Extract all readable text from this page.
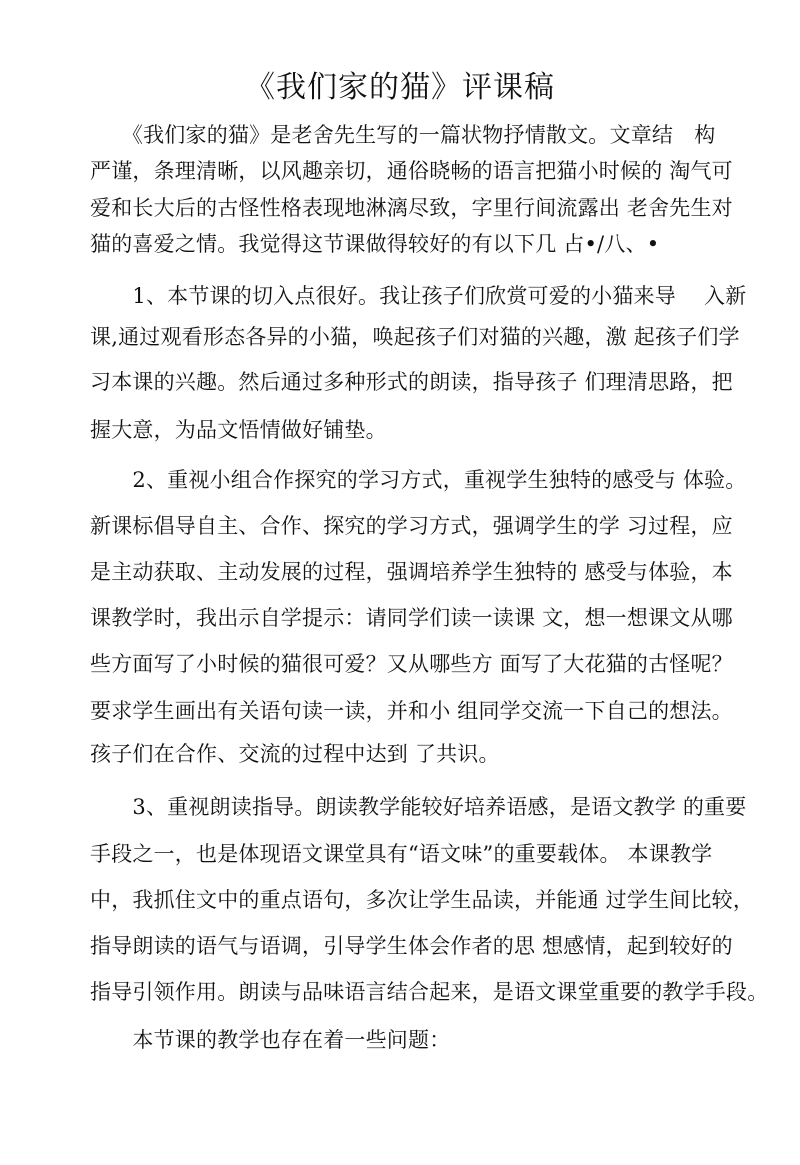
《我们家的猫》评课稿
　　《我们家的猫》是老舍先生写的一篇状物抒情散文。文章结　构
严谨，条理清晰，以风趣亲切，通俗晓畅的语言把猫小时候的 淘气可
爱和长大后的古怪性格表现地淋漓尽致，字里行间流露出 老舍先生对
猫的喜爱之情。我觉得这节课做得较好的有以下几 占•/八、•
　　1、本节课的切入点很好。我让孩子们欣赏可爱的小猫来导　 入新
课,通过观看形态各异的小猫，唤起孩子们对猫的兴趣，激 起孩子们学
习本课的兴趣。然后通过多种形式的朗读，指导孩子 们理清思路，把
握大意，为品文悟情做好铺垫。
　　2、重视小组合作探究的学习方式，重视学生独特的感受与 体验。
新课标倡导自主、合作、探究的学习方式，强调学生的学 习过程，应
是主动获取、主动发展的过程，强调培养学生独特的 感受与体验，本
课教学时，我出示自学提示：请同学们读一读课 文，想一想课文从哪
些方面写了小时候的猫很可爱？又从哪些方 面写了大花猫的古怪呢？
要求学生画出有关语句读一读，并和小 组同学交流一下自己的想法。
孩子们在合作、交流的过程中达到 了共识。
　　3、重视朗读指导。朗读教学能较好培养语感，是语文教学 的重要
手段之一，也是体现语文课堂具有“语文味”的重要载体。 本课教学
中，我抓住文中的重点语句，多次让学生品读，并能通 过学生间比较，
指导朗读的语气与语调，引导学生体会作者的思 想感情，起到较好的
指导引领作用。朗读与品味语言结合起来，是语文课堂重要的教学手段。
　　本节课的教学也存在着一些问题：
